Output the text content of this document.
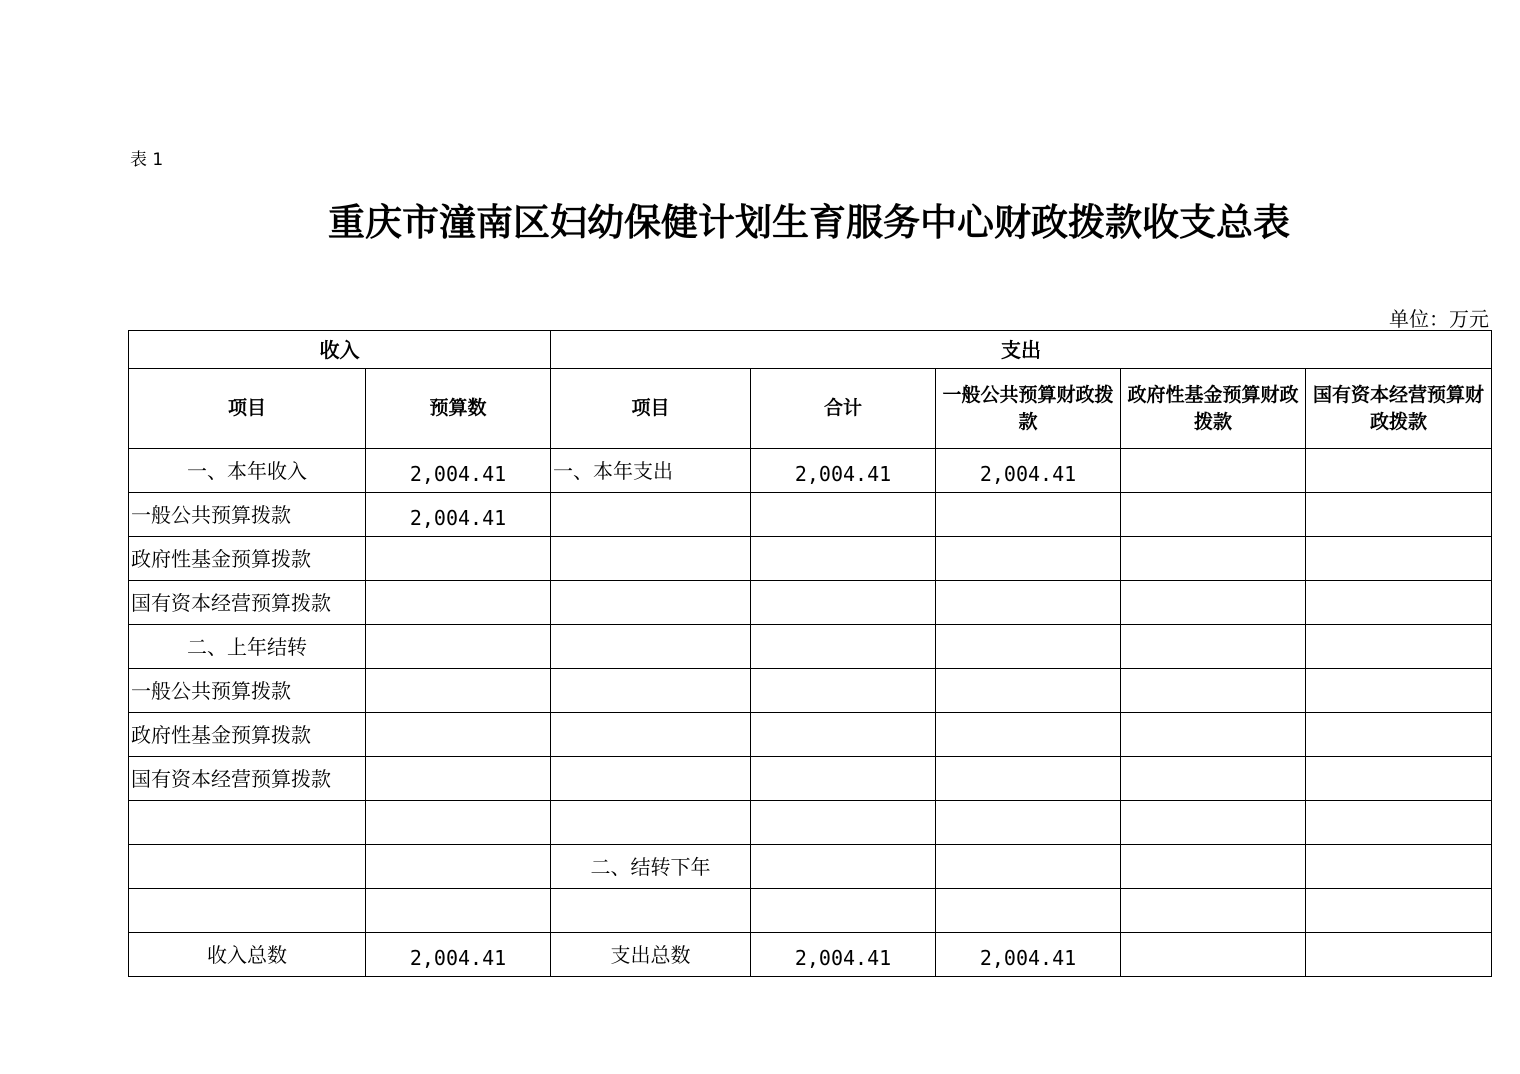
表 1
重庆市潼南区妇幼保健计划生育服务中心财政拨款收支总表
单位：万元
收入		支出				
项目	预算数	项目	合计	一般公共预算财政拨款	政府性基金预算财政拨款	国有资本经营预算财政拨款
一、本年收入	2,004.41	一、本年支出	2,004.41	2,004.41		
一般公共预算拨款	2,004.41					
政府性基金预算拨款						
国有资本经营预算拨款						
二、上年结转						
一般公共预算拨款						
政府性基金预算拨款						
国有资本经营预算拨款						

		二、结转下年				

收入总数	2,004.41	支出总数	2,004.41	2,004.41		
